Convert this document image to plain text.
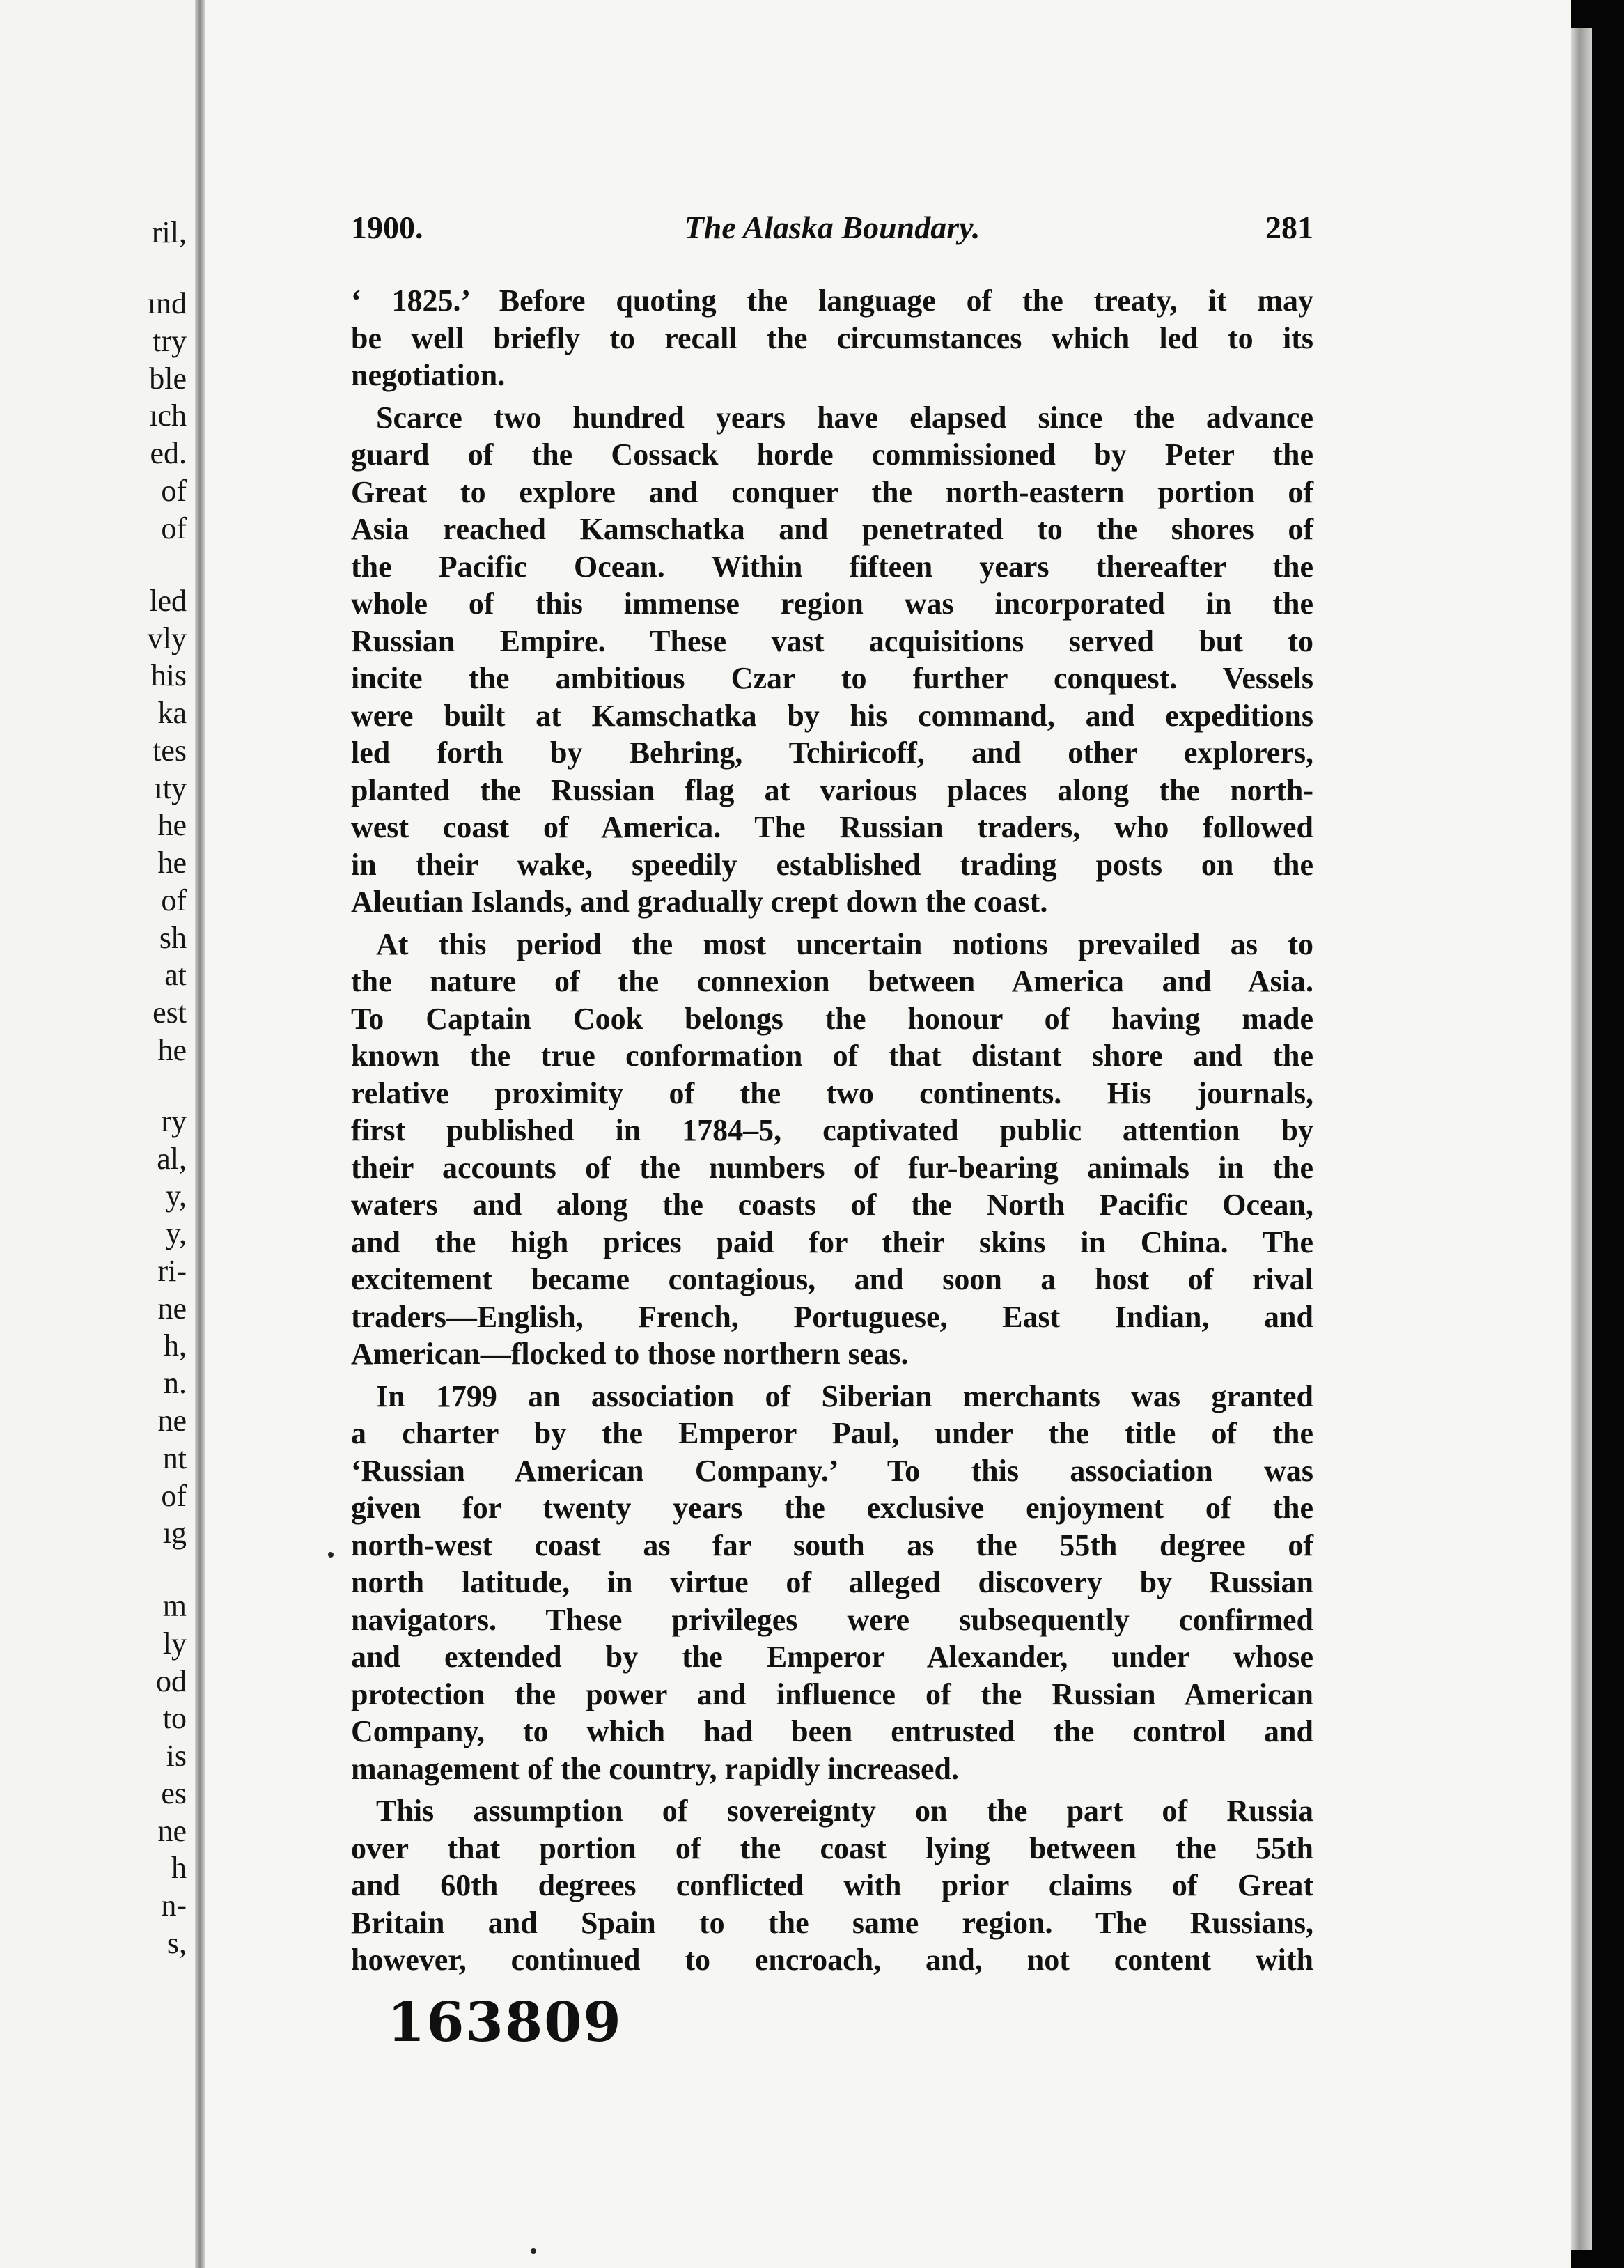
ril,
ınd
try
ble
ıch
ed.
of
of
led
vly
his
ka
tes
ıty
he
he
of
sh
at
est
he
ry
al,
y,
y,
ri-
ne
h,
n.
ne
nt
of
ıg
m
ly
od
to
is
es
ne
h
n-
s,
1900.	The Alaska Boundary.	281
‘ 1825.’ Before quoting the language of the treaty, it may
be well briefly to recall the circumstances which led to its
negotiation.
Scarce two hundred years have elapsed since the advance
guard of the Cossack horde commissioned by Peter the
Great to explore and conquer the north-eastern portion of
Asia reached Kamschatka and penetrated to the shores of
the Pacific Ocean. Within fifteen years thereafter the
whole of this immense region was incorporated in the
Russian Empire. These vast acquisitions served but to
incite the ambitious Czar to further conquest. Vessels
were built at Kamschatka by his command, and expeditions
led forth by Behring, Tchiricoff, and other explorers,
planted the Russian flag at various places along the north-
west coast of America. The Russian traders, who followed
in their wake, speedily established trading posts on the
Aleutian Islands, and gradually crept down the coast.
At this period the most uncertain notions prevailed as to
the nature of the connexion between America and Asia.
To Captain Cook belongs the honour of having made
known the true conformation of that distant shore and the
relative proximity of the two continents. His journals,
first published in 1784–5, captivated public attention by
their accounts of the numbers of fur-bearing animals in the
waters and along the coasts of the North Pacific Ocean,
and the high prices paid for their skins in China. The
excitement became contagious, and soon a host of rival
traders—English, French, Portuguese, East Indian, and
American—flocked to those northern seas.
In 1799 an association of Siberian merchants was granted
a charter by the Emperor Paul, under the title of the
‘Russian American Company.’ To this association was
given for twenty years the exclusive enjoyment of the
north-west coast as far south as the 55th degree of
north latitude, in virtue of alleged discovery by Russian
navigators. These privileges were subsequently confirmed
and extended by the Emperor Alexander, under whose
protection the power and influence of the Russian American
Company, to which had been entrusted the control and
management of the country, rapidly increased.
This assumption of sovereignty on the part of Russia
over that portion of the coast lying between the 55th
and 60th degrees conflicted with prior claims of Great
Britain and Spain to the same region. The Russians,
however, continued to encroach, and, not content with
163809
